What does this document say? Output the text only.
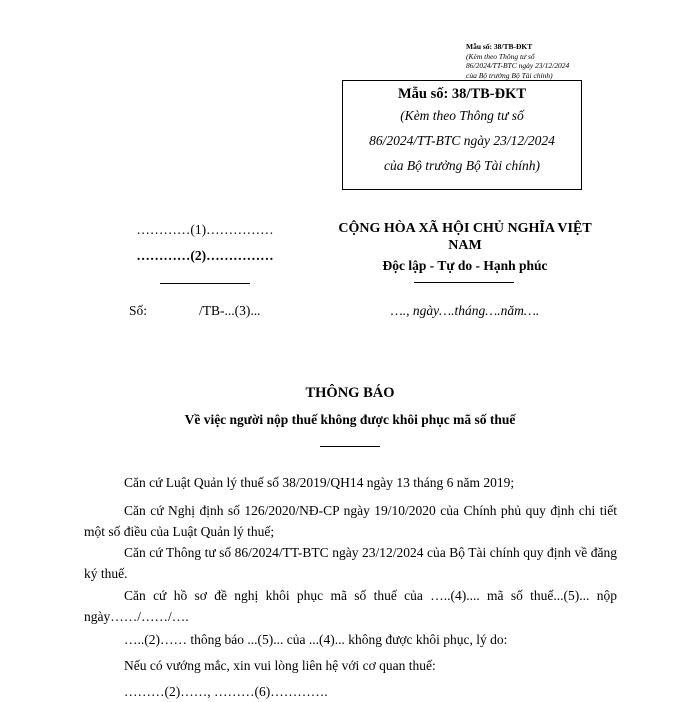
Mẫu số: 38/TB-ĐKT
(Kèm theo Thông tư số
86/2024/TT-BTC ngày 23/12/2024
của Bộ trưởng Bộ Tài chính)
Mẫu số: 38/TB-ĐKT
(Kèm theo Thông tư số
86/2024/TT-BTC ngày 23/12/2024
của Bộ trưởng Bộ Tài chính)
…………(1)……………
…………(2)……………
CỘNG HÒA XÃ HỘI CHỦ NGHĨA VIỆT
NAM
Độc lập - Tự do - Hạnh phúc
Số:	/TB-...(3)...	…., ngày….tháng….năm….
THÔNG BÁO
Về việc người nộp thuế không được khôi phục mã số thuế
Căn cứ Luật Quản lý thuế số 38/2019/QH14 ngày 13 tháng 6 năm 2019;
Căn cứ Nghị định số 126/2020/NĐ-CP ngày 19/10/2020 của Chính phủ quy định chi tiết một số điều của Luật Quản lý thuế;
Căn cứ Thông tư số 86/2024/TT-BTC ngày 23/12/2024 của Bộ Tài chính quy định về đăng ký thuế.
Căn cứ hồ sơ đề nghị khôi phục mã số thuế của …..(4).... mã số thuế...(5)... nộp ngày……/……/….
…..(2)…… thông báo ...(5)... của ...(4)... không được khôi phục, lý do:
Nếu có vướng mắc, xin vui lòng liên hệ với cơ quan thuế:
………(2)……, ………(6)………….
